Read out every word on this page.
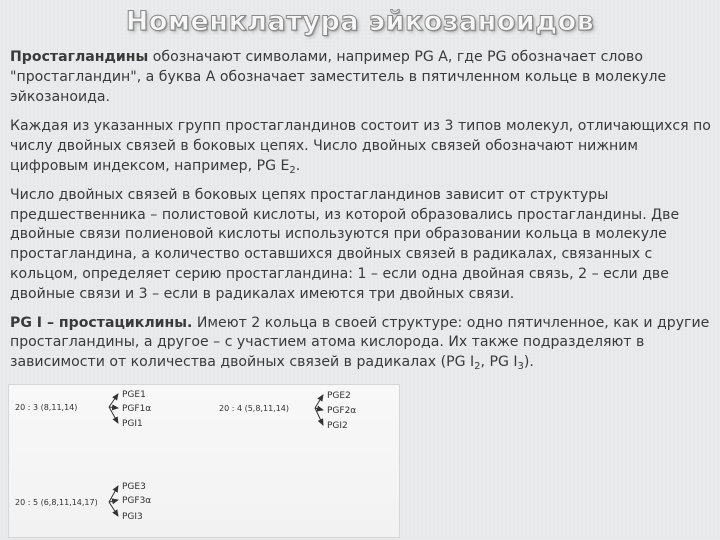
Номенклатура эйкозаноидов

Простагландины обозначают символами, например PG A, где PG обозначает слово "простагландин", а буква А обозначает заместитель в пятичленном кольце в молекуле эйкозаноида.

Каждая из указанных групп простагландинов состоит из 3 типов молекул, отличающихся по числу двойных связей в боковых цепях. Число двойных связей обозначают нижним цифровым индексом, например, PG $E_2$.

Число двойных связей в боковых цепях простагландинов зависит от структуры предшественника – полистовой кислоты, из которой образовались простагландины. Две двойные связи полиеновой кислоты используются при образовании кольца в молекуле простагландина, а количество оставшихся двойных связей в радикалах, связанных с кольцом, определяет серию простагландина: 1 – если одна двойная связь, 2 – если две двойные связи и 3 – если в радикалах имеются три двойных связи.

PG I – простациклины. Имеют 2 кольца в своей структуре: одно пятичленное, как и другие простагландины, а другое – с участием атома кислорода. Их также подразделяют в зависимости от количества двойных связей в радикалах (PG $I_2$, PG $I_3$).

20 : 3 (8,11,14)
PGE1
PGF1α
PGI1
20 : 4 (5,8,11,14)
PGE2
PGF2α
PGI2
20 : 5 (6,8,11,14,17)
PGE3
PGF3α
PGI3
